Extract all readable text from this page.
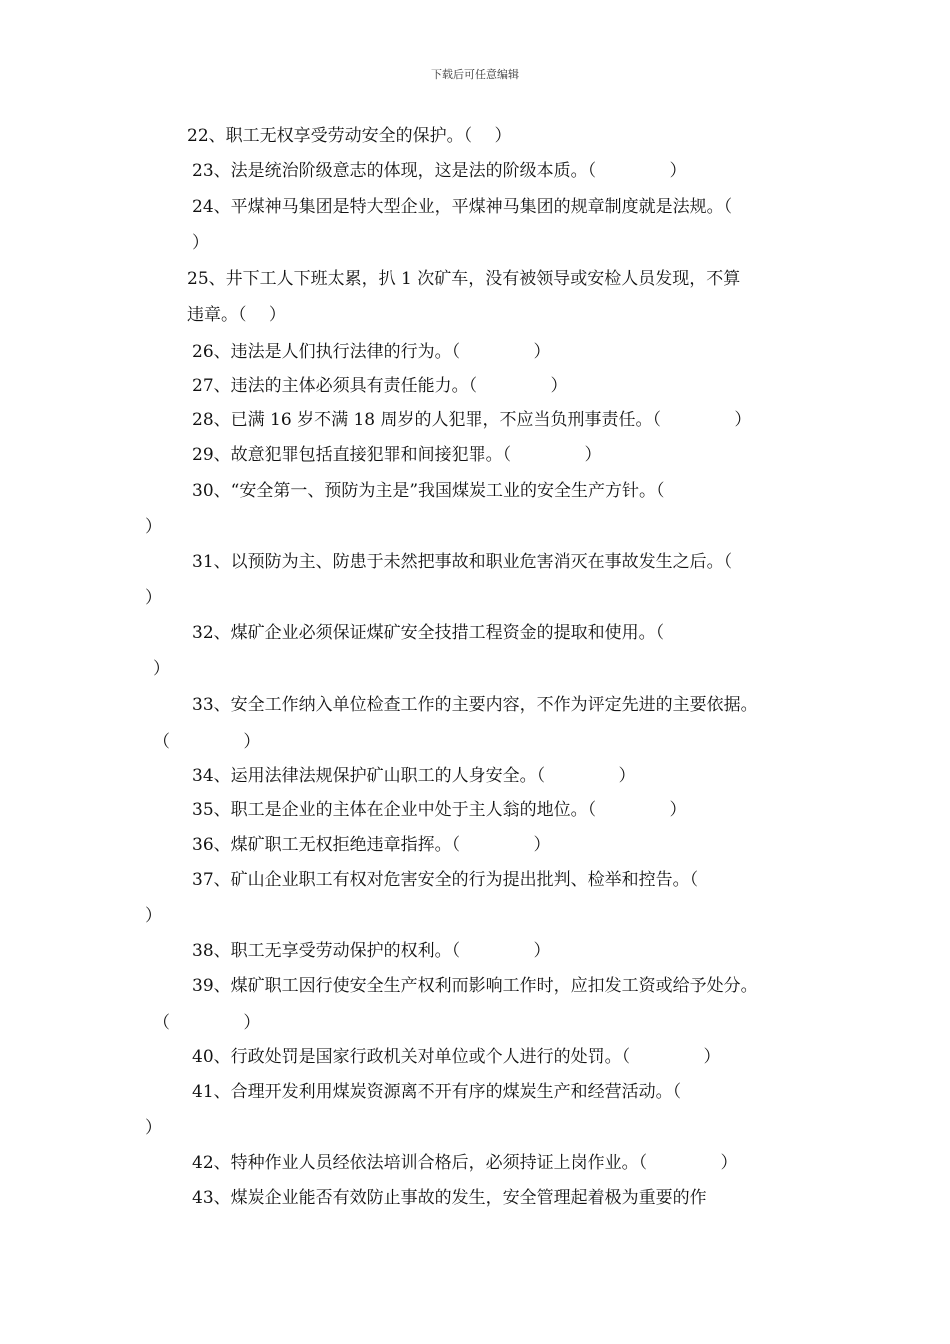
下载后可任意编辑
22、职工无权享受劳动安全的保护。（　 ）
23、法是统治阶级意志的体现，这是法的阶级本质。（　　　　 ）
24、平煤神马集团是特大型企业，平煤神马集团的规章制度就是法规。（
）
25、井下工人下班太累，扒 1 次矿车，没有被领导或安检人员发现，不算
违章。（　 ）
26、违法是人们执行法律的行为。（　　　　 ）
27、违法的主体必须具有责任能力。（　　　　 ）
28、已满 16 岁不满 18 周岁的人犯罪，不应当负刑事责任。（　　　　 ）
29、故意犯罪包括直接犯罪和间接犯罪。（　　　　 ）
30、“安全第一、预防为主是”我国煤炭工业的安全生产方针。（
）
31、以预防为主、防患于未然把事故和职业危害消灭在事故发生之后。（
）
32、煤矿企业必须保证煤矿安全技措工程资金的提取和使用。（
）
33、安全工作纳入单位检查工作的主要内容，不作为评定先进的主要依据。
（　　　　 ）
34、运用法律法规保护矿山职工的人身安全。（　　　　 ）
35、职工是企业的主体在企业中处于主人翁的地位。（　　　　 ）
36、煤矿职工无权拒绝违章指挥。（　　　　 ）
37、矿山企业职工有权对危害安全的行为提出批判、检举和控告。（
）
38、职工无享受劳动保护的权利。（　　　　 ）
39、煤矿职工因行使安全生产权利而影响工作时，应扣发工资或给予处分。
（　　　　 ）
40、行政处罚是国家行政机关对单位或个人进行的处罚。（　　　　 ）
41、合理开发利用煤炭资源离不开有序的煤炭生产和经营活动。（
）
42、特种作业人员经依法培训合格后，必须持证上岗作业。（　　　　 ）
43、煤炭企业能否有效防止事故的发生，安全管理起着极为重要的作
